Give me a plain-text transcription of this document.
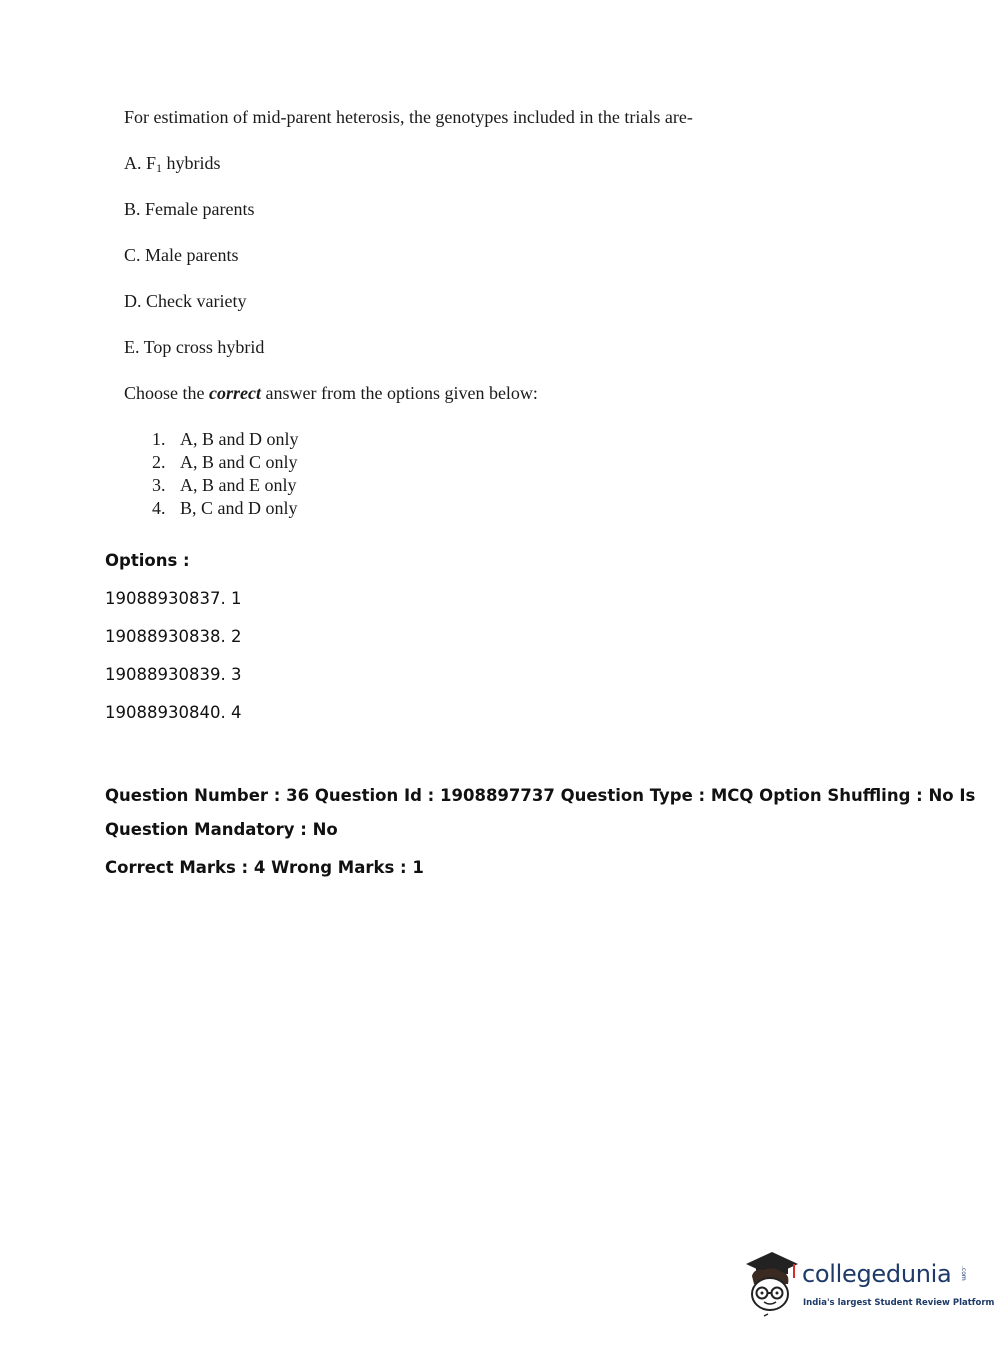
For estimation of mid-parent heterosis, the genotypes included in the trials are-
A. $F_1$ hybrids
B. Female parents
C. Male parents
D. Check variety
E. Top cross hybrid
Choose the correct answer from the options given below:
1. A, B and D only
2. A, B and C only
3. A, B and E only
4. B, C and D only
Options :
19088930837. 1
19088930838. 2
19088930839. 3
19088930840. 4
Question Number : 36 Question Id : 1908897737 Question Type : MCQ Option Shuffling : No Is
Question Mandatory : No
Correct Marks : 4 Wrong Marks : 1
collegedunia .com
India's largest Student Review Platform
